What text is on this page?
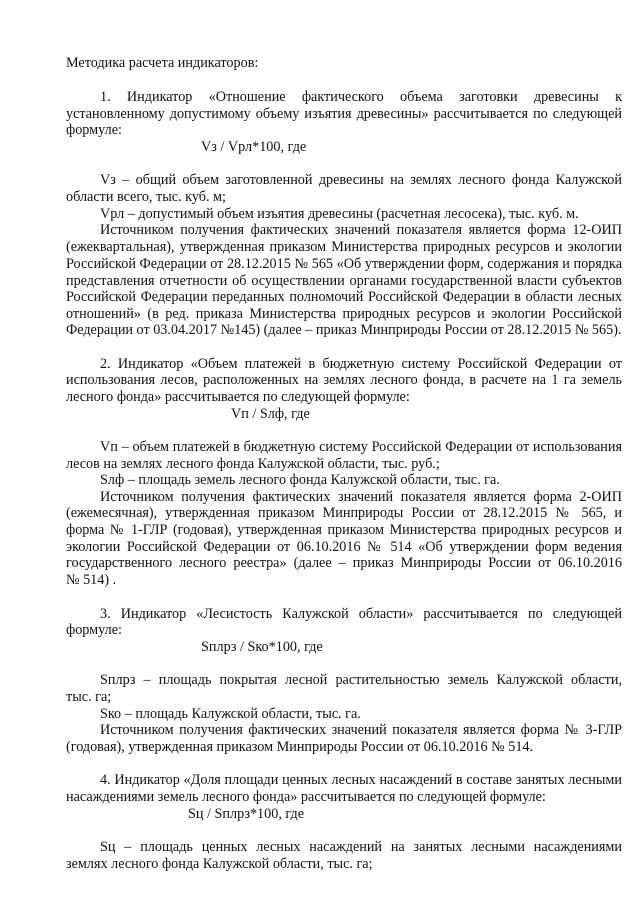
Методика расчета индикаторов:

1. Индикатор «Отношение фактического объема заготовки древесины к

установленному допустимому объему изъятия древесины» рассчитывается по следующей

формуле:

Vз / Vрл*100, где

Vз – общий объем заготовленной древесины на землях лесного фонда Калужской

области всего, тыс. куб. м;

Vрл – допустимый объем изъятия древесины (расчетная лесосека), тыс. куб. м.

Источником получения фактических значений показателя является форма 12-ОИП

(ежеквартальная), утвержденная приказом Министерства природных ресурсов и экологии

Российской Федерации от 28.12.2015 № 565 «Об утверждении форм, содержания и порядка

представления отчетности об осуществлении органами государственной власти субъектов

Российской Федерации переданных полномочий Российской Федерации в области лесных

отношений» (в ред. приказа Министерства природных ресурсов и экологии Российской

Федерации от 03.04.2017 №145) (далее – приказ Минприроды России от 28.12.2015 № 565).

2. Индикатор «Объем платежей в бюджетную систему Российской Федерации от

использования лесов, расположенных на землях лесного фонда, в расчете на 1 га земель

лесного фонда» рассчитывается по следующей формуле:

Vп / Sлф, где

Vп – объем платежей в бюджетную систему Российской Федерации от использования

лесов на землях лесного фонда Калужской области, тыс. руб.;

Sлф – площадь земель лесного фонда Калужской области, тыс. га.

Источником получения фактических значений показателя является форма 2-ОИП

(ежемесячная), утвержденная приказом Минприроды России от 28.12.2015 № 565, и

форма № 1-ГЛР (годовая), утвержденная приказом Министерства природных ресурсов и

экологии Российской Федерации от 06.10.2016 № 514 «Об утверждении форм ведения

государственного лесного реестра» (далее – приказ Минприроды России от 06.10.2016

№ 514) .

3. Индикатор «Лесистость Калужской области» рассчитывается по следующей

формуле:

Sплрз / Sко*100, где

Sплрз – площадь покрытая лесной растительностью земель Калужской области,

тыс. га;

Sко – площадь Калужской области, тыс. га.

Источником получения фактических значений показателя является форма № 3-ГЛР

(годовая), утвержденная приказом Минприроды России от 06.10.2016 № 514.

4. Индикатор «Доля площади ценных лесных насаждений в составе занятых лесными

насаждениями земель лесного фонда» рассчитывается по следующей формуле:

Sц / Sплрз*100, где

Sц – площадь ценных лесных насаждений на занятых лесными насаждениями

землях лесного фонда Калужской области, тыс. га;
